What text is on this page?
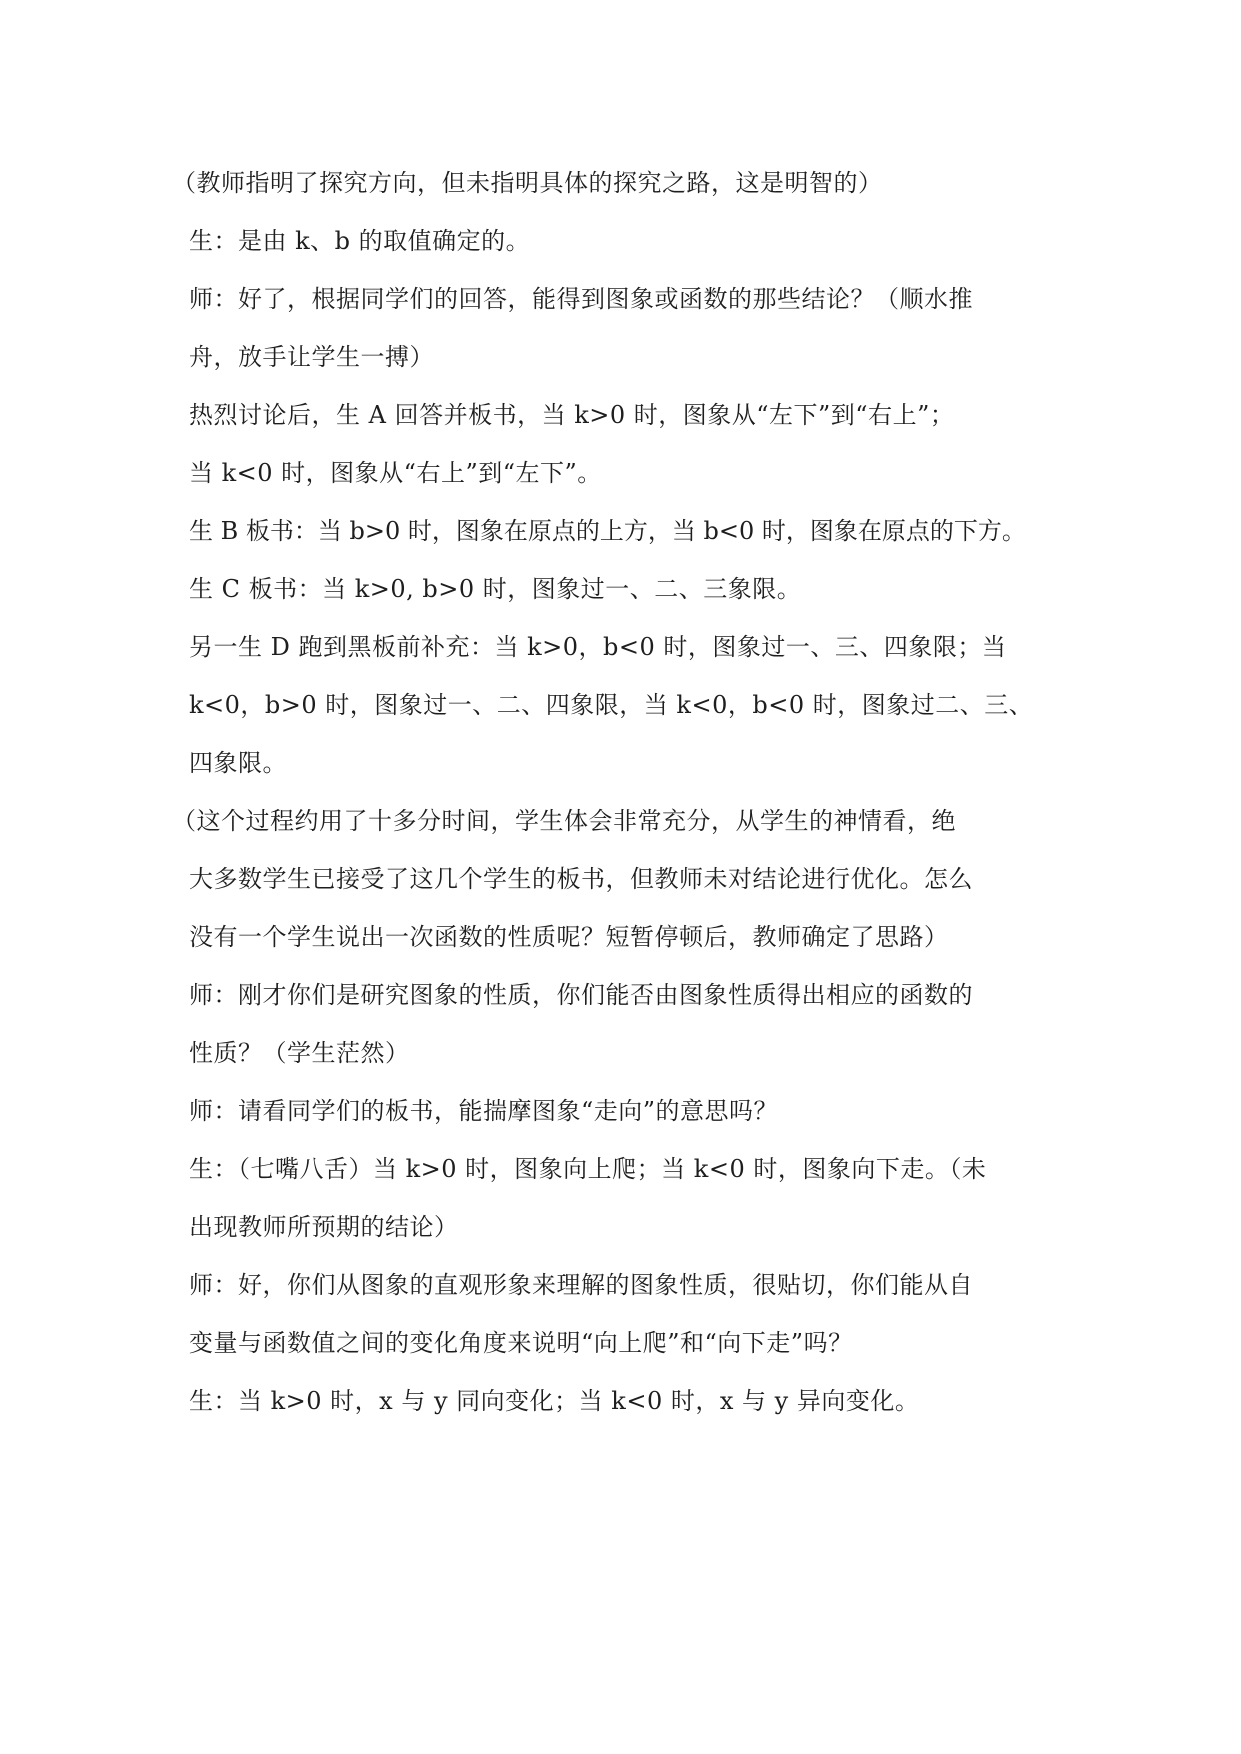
（教师指明了探究方向，但未指明具体的探究之路，这是明智的）
生：是由 k、b 的取值确定的。
师：好了，根据同学们的回答，能得到图象或函数的那些结论？（顺水推
舟，放手让学生一搏）
热烈讨论后，生 A 回答并板书，当 k>0 时，图象从“左下”到“右上”；
当 k<0 时，图象从“右上”到“左下”。
生 B 板书：当 b>0 时，图象在原点的上方，当 b<0 时，图象在原点的下方。
生 C 板书：当 k>0, b>0 时，图象过一、二、三象限。
另一生 D 跑到黑板前补充：当 k>0，b<0 时，图象过一、三、四象限；当
k<0，b>0 时，图象过一、二、四象限，当 k<0，b<0 时，图象过二、三、
四象限。
（这个过程约用了十多分时间，学生体会非常充分，从学生的神情看，绝
大多数学生已接受了这几个学生的板书，但教师未对结论进行优化。怎么
没有一个学生说出一次函数的性质呢？短暂停顿后，教师确定了思路）
师：刚才你们是研究图象的性质，你们能否由图象性质得出相应的函数的
性质？（学生茫然）
师：请看同学们的板书，能揣摩图象“走向”的意思吗？
生：（七嘴八舌）当 k>0 时，图象向上爬；当 k<0 时，图象向下走。（未
出现教师所预期的结论）
师：好，你们从图象的直观形象来理解的图象性质，很贴切，你们能从自
变量与函数值之间的变化角度来说明“向上爬”和“向下走”吗？
生：当 k>0 时，x 与 y 同向变化；当 k<0 时，x 与 y 异向变化。
